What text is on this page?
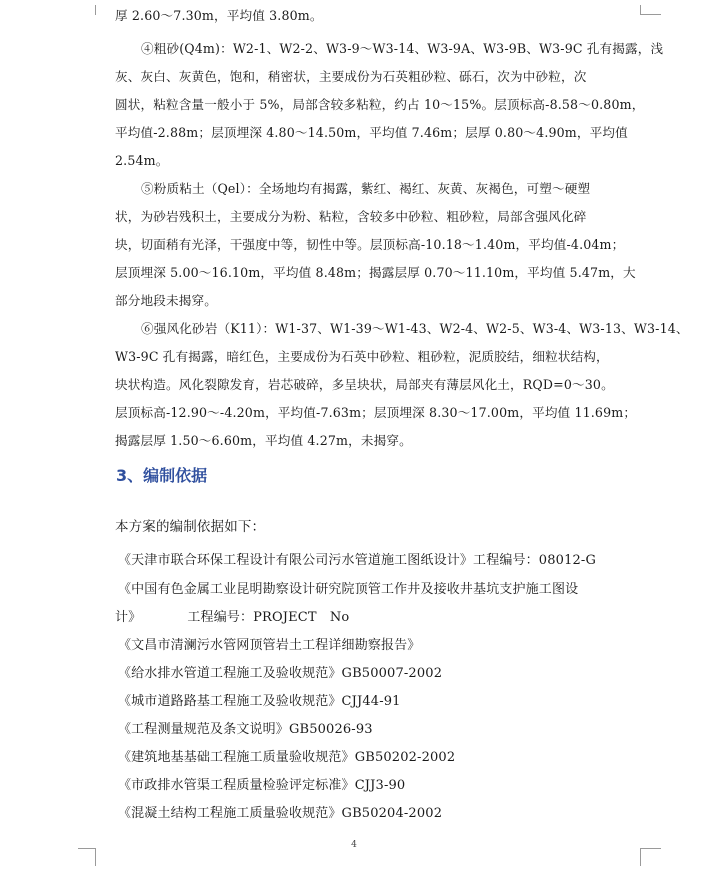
厚 2.60～7.30m，平均值 3.80m。
④粗砂(Q4m)：W2-1、W2-2、W3-9～W3-14、W3-9A、W3-9B、W3-9C 孔有揭露，浅
灰、灰白、灰黄色，饱和，稍密状，主要成份为石英粗砂粒、砾石，次为中砂粒，次
圆状，粘粒含量一般小于 5%，局部含较多粘粒，约占 10～15%。层顶标高-8.58～0.80m，
平均值-2.88m；层顶埋深 4.80～14.50m，平均值 7.46m；层厚 0.80～4.90m，平均值
2.54m。
⑤粉质粘土（Qel）：全场地均有揭露，紫红、褐红、灰黄、灰褐色，可塑～硬塑
状，为砂岩残积土，主要成分为粉、粘粒，含较多中砂粒、粗砂粒，局部含强风化碎
块，切面稍有光泽，干强度中等，韧性中等。层顶标高-10.18～1.40m，平均值-4.04m；
层顶埋深 5.00～16.10m，平均值 8.48m；揭露层厚 0.70～11.10m，平均值 5.47m，大
部分地段未揭穿。
⑥强风化砂岩（K11）：W1-37、W1-39～W1-43、W2-4、W2-5、W3-4、W3-13、W3-14、
W3-9C 孔有揭露，暗红色，主要成份为石英中砂粒、粗砂粒，泥质胶结，细粒状结构，
块状构造。风化裂隙发育，岩芯破碎，多呈块状，局部夹有薄层风化土，RQD=0～30。
层顶标高-12.90～-4.20m，平均值-7.63m；层顶埋深 8.30～17.00m，平均值 11.69m；
揭露层厚 1.50～6.60m，平均值 4.27m，未揭穿。
3、编制依据
本方案的编制依据如下：
《天津市联合环保工程设计有限公司污水管道施工图纸设计》工程编号：08012-G
《中国有色金属工业昆明勘察设计研究院顶管工作井及接收井基坑支护施工图设
计》　　　　工程编号：PROJECT　No
《文昌市清澜污水管网顶管岩土工程详细勘察报告》
《给水排水管道工程施工及验收规范》GB50007-2002
《城市道路路基工程施工及验收规范》CJJ44-91
《工程测量规范及条文说明》GB50026-93
《建筑地基基础工程施工质量验收规范》GB50202-2002
《市政排水管渠工程质量检验评定标准》CJJ3-90
《混凝土结构工程施工质量验收规范》GB50204-2002
4
